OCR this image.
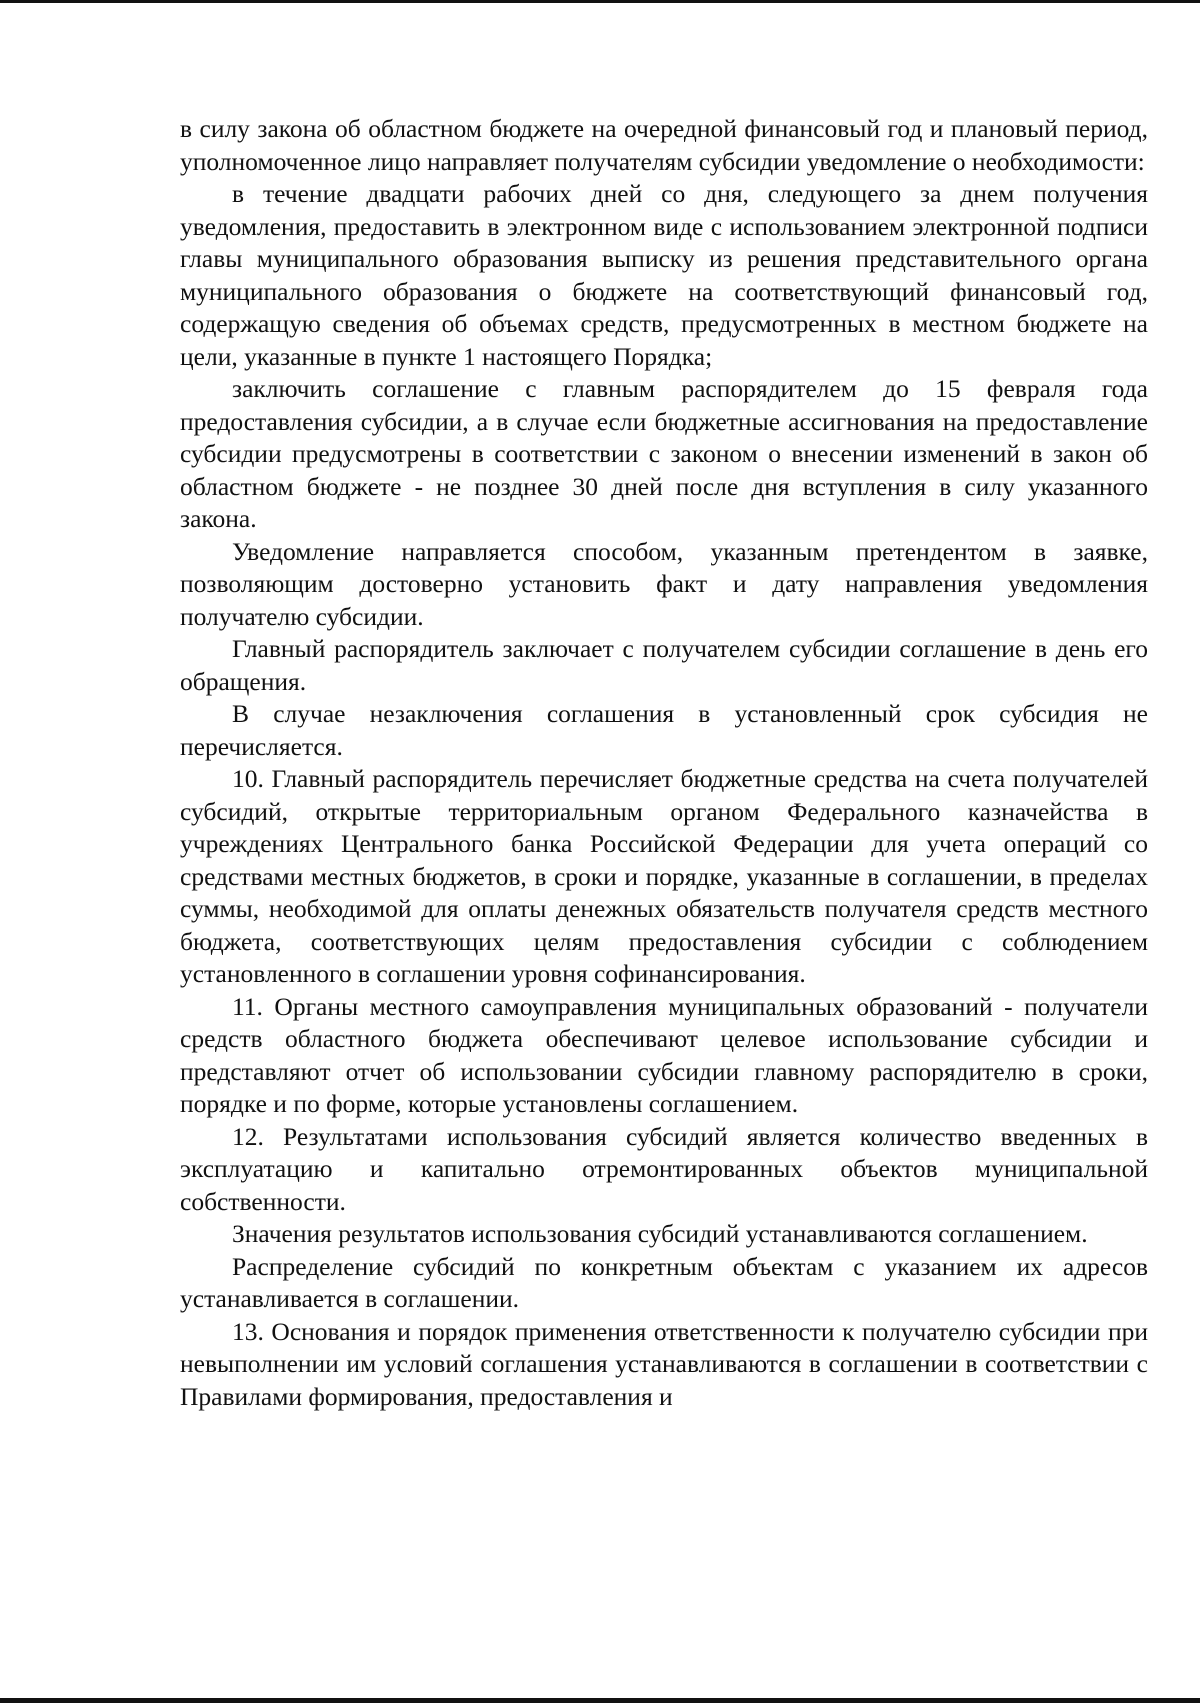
в силу закона об областном бюджете на очередной финансовый год и плановый период, уполномоченное лицо направляет получателям субсидии уведомление о необходимости:

в течение двадцати рабочих дней со дня, следующего за днем получения уведомления, предоставить в электронном виде с использованием электронной подписи главы муниципального образования выписку из решения представительного органа муниципального образования о бюджете на соответствующий финансовый год, содержащую сведения об объемах средств, предусмотренных в местном бюджете на цели, указанные в пункте 1 настоящего Порядка;

заключить соглашение с главным распорядителем до 15 февраля года предоставления субсидии, а в случае если бюджетные ассигнования на предоставление субсидии предусмотрены в соответствии с законом о внесении изменений в закон об областном бюджете - не позднее 30 дней после дня вступления в силу указанного закона.

Уведомление направляется способом, указанным претендентом в заявке, позволяющим достоверно установить факт и дату направления уведомления получателю субсидии.

Главный распорядитель заключает с получателем субсидии соглашение в день его обращения.

В случае незаключения соглашения в установленный срок субсидия не перечисляется.

10. Главный распорядитель перечисляет бюджетные средства на счета получателей субсидий, открытые территориальным органом Федерального казначейства в учреждениях Центрального банка Российской Федерации для учета операций со средствами местных бюджетов, в сроки и порядке, указанные в соглашении, в пределах суммы, необходимой для оплаты денежных обязательств получателя средств местного бюджета, соответствующих целям предоставления субсидии с соблюдением установленного в соглашении уровня софинансирования.

11. Органы местного самоуправления муниципальных образований - получатели средств областного бюджета обеспечивают целевое использование субсидии и представляют отчет об использовании субсидии главному распорядителю в сроки, порядке и по форме, которые установлены соглашением.

12. Результатами использования субсидий является количество введенных в эксплуатацию и капитально отремонтированных объектов муниципальной собственности.

Значения результатов использования субсидий устанавливаются соглашением.

Распределение субсидий по конкретным объектам с указанием их адресов устанавливается в соглашении.

13. Основания и порядок применения ответственности к получателю субсидии при невыполнении им условий соглашения устанавливаются в соглашении в соответствии с Правилами формирования, предоставления и
